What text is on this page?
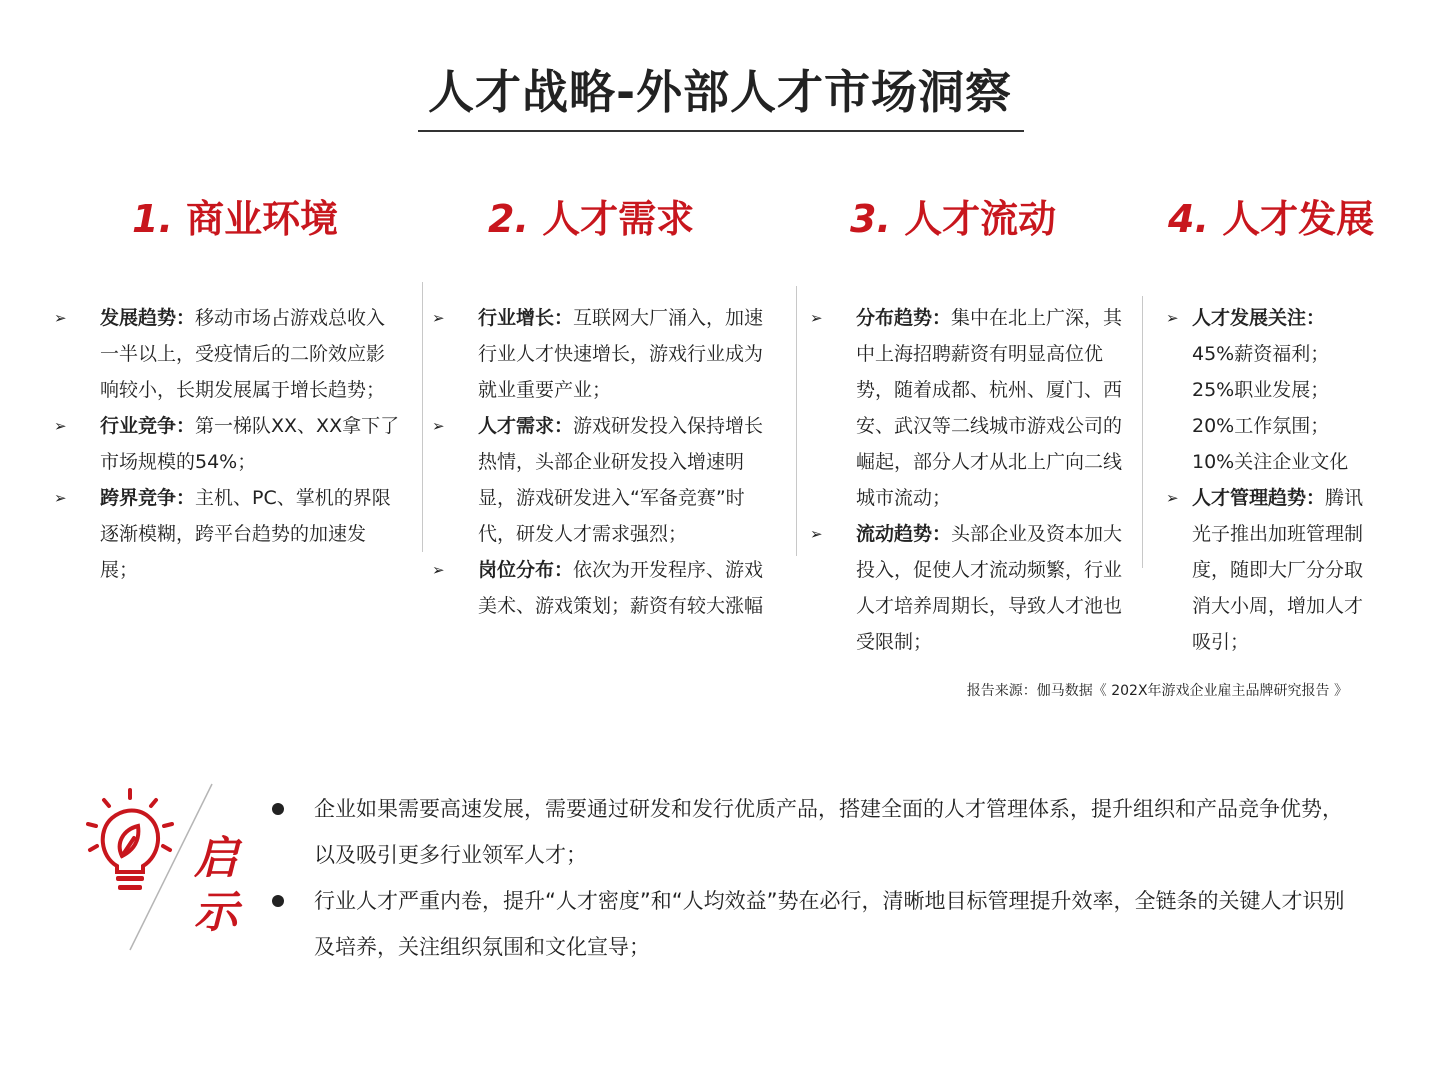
人才战略-外部人才市场洞察
1. 商业环境	2. 人才需求	3. 人才流动	4. 人才发展
➢ 发展趋势：移动市场占游戏总收入一半以上，受疫情后的二阶效应影响较小，长期发展属于增长趋势；
➢ 行业竞争：第一梯队XX、XX拿下了市场规模的54%；
➢ 跨界竞争：主机、PC、掌机的界限逐渐模糊，跨平台趋势的加速发展；
➢ 行业增长：互联网大厂涌入，加速行业人才快速增长，游戏行业成为就业重要产业；
➢ 人才需求：游戏研发投入保持增长热情，头部企业研发投入增速明显，游戏研发进入“军备竞赛”时代，研发人才需求强烈；
➢ 岗位分布：依次为开发程序、游戏美术、游戏策划；薪资有较大涨幅
➢ 分布趋势：集中在北上广深，其中上海招聘薪资有明显高位优势，随着成都、杭州、厦门、西安、武汉等二线城市游戏公司的崛起，部分人才从北上广向二线城市流动；
➢ 流动趋势：头部企业及资本加大投入，促使人才流动频繁，行业人才培养周期长，导致人才池也受限制；
➢ 人才发展关注：45%薪资福利；25%职业发展；20%工作氛围；10%关注企业文化
➢ 人才管理趋势：腾讯光子推出加班管理制度，随即大厂分分取消大小周，增加人才吸引；
报告来源：伽马数据《 202X年游戏企业雇主品牌研究报告 》
启
示
企业如果需要高速发展，需要通过研发和发行优质产品，搭建全面的人才管理体系，提升组织和产品竞争优势，以及吸引更多行业领军人才；
行业人才严重内卷，提升“人才密度”和“人均效益”势在必行，清晰地目标管理提升效率，全链条的关键人才识别及培养，关注组织氛围和文化宣导；
